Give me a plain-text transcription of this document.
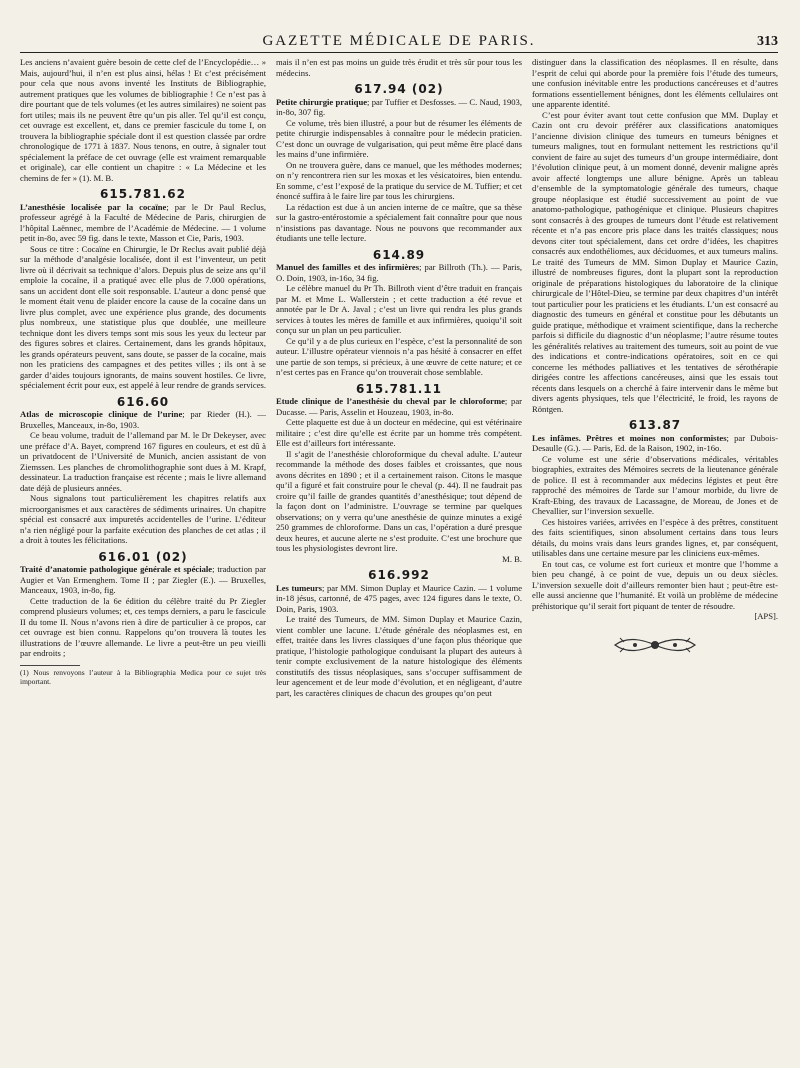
GAZETTE MÉDICALE DE PARIS.	313

Les anciens n’avaient guère besoin de cette clef de l’Encyclopédie… » Mais, aujourd’hui, il n’en est plus ainsi, hélas ! Et c’est précisément pour cela que nous avons inventé les Instituts de Bibliographie, autrement pratiques que les volumes de bibliographie ! Ce n’est pas à dire pourtant que de tels volumes (et les autres similaires) ne soient pas fort utiles; mais ils ne peuvent être qu’un pis aller. Tel qu’il est conçu, cet ouvrage est excellent, et, dans ce premier fascicule du tome I, on trouvera la bibliographie spéciale dont il est question classée par ordre chronologique de 1771 à 1837. Nous tenons, en outre, à signaler tout spécialement la préface de cet ouvrage (elle est vraiment remarquable et originale), car elle contient un chapitre : « La Médecine et les chemins de fer » (1). M. B.

615.781.62

L’anesthésie localisée par la cocaïne; par le Dr Paul Reclus, professeur agrégé à la Faculté de Médecine de Paris, chirurgien de l’hôpital Laënnec, membre de l’Académie de Médecine. — 1 volume petit in-8o, avec 59 fig. dans le texte, Masson et Cie, Paris, 1903.

Sous ce titre : Cocaïne en Chirurgie, le Dr Reclus avait publié déjà sur la méthode d’analgésie localisée, dont il est l’inventeur, un petit livre où il décrivait sa technique d’alors. Depuis plus de seize ans qu’il emploie la cocaïne, il a pratiqué avec elle plus de 7.000 opérations, sans un accident dont elle soit responsable. L’auteur a donc pensé que le moment était venu de plaider encore la cause de la cocaïne dans un livre plus complet, avec une expérience plus grande, des documents plus nombreux, une statistique plus que doublée, une meilleure technique dont les divers temps sont mis sous les yeux du lecteur par des figures sobres et claires. Certainement, dans les grands hôpitaux, les grands opérateurs peuvent, sans doute, se passer de la cocaïne, mais non les praticiens des campagnes et des petites villes ; ils ont à se garder d’aides toujours ignorants, de mains souvent hostiles. Ce livre, spécialement écrit pour eux, est appelé à leur rendre de grands services.

616.60

Atlas de microscopie clinique de l’urine; par Rieder (H.). — Bruxelles, Manceaux, in-8o, 1903.

Ce beau volume, traduit de l’allemand par M. le Dr Dekeyser, avec une préface d’A. Bayet, comprend 167 figures en couleurs, et est dû à un privatdocent de l’Université de Munich, ancien assistant de von Ziemssen. Les planches de chromolithographie sont dues à M. Krapf, dessinateur. La traduction française est récente ; mais le livre allemand date déjà de plusieurs années.

Nous signalons tout particulièrement les chapitres relatifs aux microorganismes et aux caractères de sédiments urinaires. Un chapitre spécial est consacré aux impuretés accidentelles de l’urine. L’éditeur n’a rien négligé pour la parfaite exécution des planches de cet atlas ; il a droit à toutes les félicitations.

616.01 (02)

Traité d’anatomie pathologique générale et spéciale; traduction par Augier et Van Ermenghem. Tome II ; par Ziegler (E.). — Bruxelles, Manceaux, 1903, in-8o, fig.

Cette traduction de la 6e édition du célèbre traité du Pr Ziegler comprend plusieurs volumes; et, ces temps derniers, a paru le fascicule II du tome II. Nous n’avons rien à dire de particulier à ce propos, car cet ouvrage est bien connu. Rappelons qu’on trouvera là toutes les illustrations de l’œuvre allemande. Le livre a peut-être un peu vieilli par endroits ;

(1) Nous renvoyons l’auteur à la Bibliographia Medica pour ce sujet très important.

mais il n’en est pas moins un guide très érudit et très sûr pour tous les médecins.

617.94 (02)

Petite chirurgie pratique; par Tuffier et Desfosses. — C. Naud, 1903, in-8o, 307 fig.

Ce volume, très bien illustré, a pour but de résumer les éléments de petite chirurgie indispensables à connaître pour le médecin praticien. C’est donc un ouvrage de vulgarisation, qui peut même être placé dans les mains d’une infirmière.

On ne trouvera guère, dans ce manuel, que les méthodes modernes; on n’y rencontrera rien sur les moxas et les vésicatoires, bien entendu. En somme, c’est l’exposé de la pratique du service de M. Tuffier; et cet énoncé suffira à le faire lire par tous les chirurgiens.

La rédaction est due à un ancien interne de ce maître, que sa thèse sur la gastro-entérostomie a spécialement fait connaître pour que nous n’insistions pas davantage. Nous ne pouvons que recommander aux étudiants une telle lecture.

614.89

Manuel des familles et des infirmières; par Billroth (Th.). — Paris, O. Doin, 1903, in-16o, 34 fig.

Le célèbre manuel du Pr Th. Billroth vient d’être traduit en français par M. et Mme L. Wallerstein ; et cette traduction a été revue et annotée par le Dr A. Javal ; c’est un livre qui rendra les plus grands services à toutes les mères de famille et aux infirmières, quoiqu’il soit conçu sur un plan un peu particulier.

Ce qu’il y a de plus curieux en l’espèce, c’est la personnalité de son auteur. L’illustre opérateur viennois n’a pas hésité à consacrer en effet une partie de son temps, si précieux, à une œuvre de cette nature; et ce n’est certes pas en France qu’on trouverait chose semblable.

615.781.11

Etude clinique de l’anesthésie du cheval par le chloroforme; par Ducasse. — Paris, Asselin et Houzeau, 1903, in-8o.

Cette plaquette est due à un docteur en médecine, qui est vétérinaire militaire ; c’est dire qu’elle est écrite par un homme très compétent. Elle est d’ailleurs fort intéressante.

Il s’agit de l’anesthésie chloroformique du cheval adulte. L’auteur recommande la méthode des doses faibles et croissantes, que nous avons décrites en 1890 ; et il a certainement raison. Citons le masque qu’il a figuré et fait construire pour le cheval (p. 44). Il ne faudrait pas croire qu’il faille de grandes quantités d’anesthésique; tout dépend de la façon dont on l’administre. L’ouvrage se termine par quelques observations; on y verra qu’une anesthésie de quinze minutes a exigé 250 grammes de chloroforme. Dans un cas, l’opération a duré presque deux heures, et aucune alerte ne s’est produite. C’est une brochure que tous les physiologistes devront lire.

M. B.

616.992

Les tumeurs; par MM. Simon Duplay et Maurice Cazin. — 1 volume in-18 jésus, cartonné, de 475 pages, avec 124 figures dans le texte, O. Doin, Paris, 1903.

Le traité des Tumeurs, de MM. Simon Duplay et Maurice Cazin, vient combler une lacune. L’étude générale des néoplasmes est, en effet, traitée dans les livres classiques d’une façon plus théorique que pratique, l’histologie pathologique conduisant la plupart des auteurs à tenir compte exclusivement de la nature histologique des éléments constitutifs des tissus néoplasiques, sans s’occuper suffisamment de leur agencement et de leur mode d’évolution, et en négligeant, d’autre part, les caractères cliniques de chacun des groupes qu’on peut

distinguer dans la classification des néoplasmes. Il en résulte, dans l’esprit de celui qui aborde pour la première fois l’étude des tumeurs, une confusion inévitable entre les productions cancéreuses et d’autres formations essentiellement bénignes, dont les éléments cellulaires ont une apparente identité.

C’est pour éviter avant tout cette confusion que MM. Duplay et Cazin ont cru devoir préférer aux classifications anatomiques l’ancienne division clinique des tumeurs en tumeurs bénignes et tumeurs malignes, tout en formulant nettement les restrictions qu’il convient de faire au sujet des tumeurs d’un groupe intermédiaire, dont l’évolution clinique peut, à un moment donné, devenir maligne après avoir affecté longtemps une allure bénigne. Après un tableau d’ensemble de la symptomatologie générale des tumeurs, chaque groupe néoplasique est étudié successivement au point de vue anatomo-pathologique, pathogénique et clinique. Plusieurs chapitres sont consacrés à des groupes de tumeurs dont l’étude est relativement récente et n’a pas encore pris place dans les traités classiques; nous devons citer tout spécialement, dans cet ordre d’idées, les chapitres consacrés aux endothéliomes, aux déciduomes, et aux tumeurs malins. Le traité des Tumeurs de MM. Simon Duplay et Maurice Cazin, illustré de nombreuses figures, dont la plupart sont la reproduction originale de préparations histologiques du laboratoire de la clinique chirurgicale de l’Hôtel-Dieu, se termine par deux chapitres d’un intérêt tout particulier pour les praticiens et les étudiants. L’un est consacré au diagnostic des tumeurs en général et constitue pour les débutants un guide pratique, méthodique et vraiment scientifique, dans la recherche parfois si difficile du diagnostic d’un néoplasme; l’autre résume toutes les généralités relatives au traitement des tumeurs, soit au point de vue des indications et contre-indications opératoires, soit en ce qui concerne les méthodes palliatives et les tentatives de sérothérapie dirigées contre les affections cancéreuses, ainsi que les essais tout récents dans lesquels on a cherché à faire intervenir dans le même but divers agents physiques, tels que l’électricité, le froid, les rayons de Röntgen.

613.87

Les infâmes. Prêtres et moines non conformistes; par Dubois-Desaulle (G.). — Paris, Ed. de la Raison, 1902, in-16o.

Ce volume est une série d’observations médicales, véritables biographies, extraites des Mémoires secrets de la lieutenance générale de police. Il est à recommander aux médecins légistes et peut être rapproché des mémoires de Tarde sur l’amour morbide, du livre de Kraft-Ebing, des travaux de Lacassagne, de Moreau, de Jones et de Chevallier, sur l’inversion sexuelle.

Ces histoires variées, arrivées en l’espèce à des prêtres, constituent des faits scientifiques, sinon absolument certains dans tous leurs détails, du moins vrais dans leurs grandes lignes, et, par conséquent, utilisables dans une certaine mesure par les cliniciens eux-mêmes.

En tout cas, ce volume est fort curieux et montre que l’homme a bien peu changé, à ce point de vue, depuis un ou deux siècles. L’inversion sexuelle doit d’ailleurs remonter bien haut ; peut-être est-elle aussi ancienne que l’humanité. Et voilà un problème de médecine préhistorique qu’il serait fort piquant de tenter de résoudre.

[APS].
